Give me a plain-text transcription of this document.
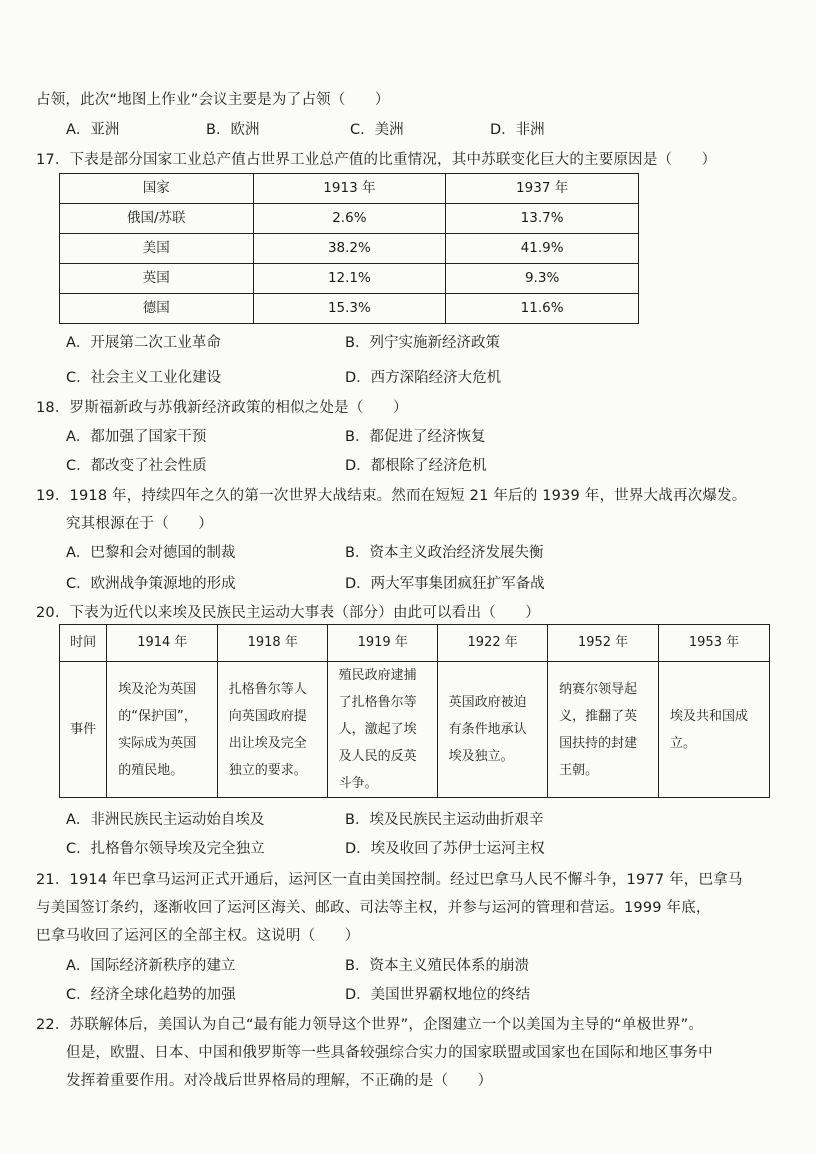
占领，此次“地图上作业”会议主要是为了占领（　　）
A．亚洲	B．欧洲	C．美洲	D．非洲
17．下表是部分国家工业总产值占世界工业总产值的比重情况，其中苏联变化巨大的主要原因是（　　）
国家	1913 年	1937 年
俄国/苏联	2.6%	13.7%
美国	38.2%	41.9%
英国	12.1%	9.3%
德国	15.3%	11.6%
A．开展第二次工业革命	B．列宁实施新经济政策
C．社会主义工业化建设	D．西方深陷经济大危机
18．罗斯福新政与苏俄新经济政策的相似之处是（　　）
A．都加强了国家干预	B．都促进了经济恢复
C．都改变了社会性质	D．都根除了经济危机
19．1918 年，持续四年之久的第一次世界大战结束。然而在短短 21 年后的 1939 年，世界大战再次爆发。
究其根源在于（　　）
A．巴黎和会对德国的制裁	B．资本主义政治经济发展失衡
C．欧洲战争策源地的形成	D．两大军事集团疯狂扩军备战
20．下表为近代以来埃及民族民主运动大事表（部分）由此可以看出（　　）
时间	1914 年	1918 年	1919 年	1922 年	1952 年	1953 年
事件	埃及沦为英国的“保护国”，实际成为英国的殖民地。	扎格鲁尔等人向英国政府提出让埃及完全独立的要求。	殖民政府逮捕了扎格鲁尔等人，激起了埃及人民的反英斗争。	英国政府被迫有条件地承认埃及独立。	纳赛尔领导起义，推翻了英国扶持的封建王朝。	埃及共和国成立。
A．非洲民族民主运动始自埃及	B．埃及民族民主运动曲折艰辛
C．扎格鲁尔领导埃及完全独立	D．埃及收回了苏伊士运河主权
21．1914 年巴拿马运河正式开通后，运河区一直由美国控制。经过巴拿马人民不懈斗争，1977 年，巴拿马
与美国签订条约，逐渐收回了运河区海关、邮政、司法等主权，并参与运河的管理和营运。1999 年底，
巴拿马收回了运河区的全部主权。这说明（　　）
A．国际经济新秩序的建立	B．资本主义殖民体系的崩溃
C．经济全球化趋势的加强	D．美国世界霸权地位的终结
22．苏联解体后，美国认为自己“最有能力领导这个世界”，企图建立一个以美国为主导的“单极世界”。
但是，欧盟、日本、中国和俄罗斯等一些具备较强综合实力的国家联盟或国家也在国际和地区事务中
发挥着重要作用。对冷战后世界格局的理解，不正确的是（　　）
